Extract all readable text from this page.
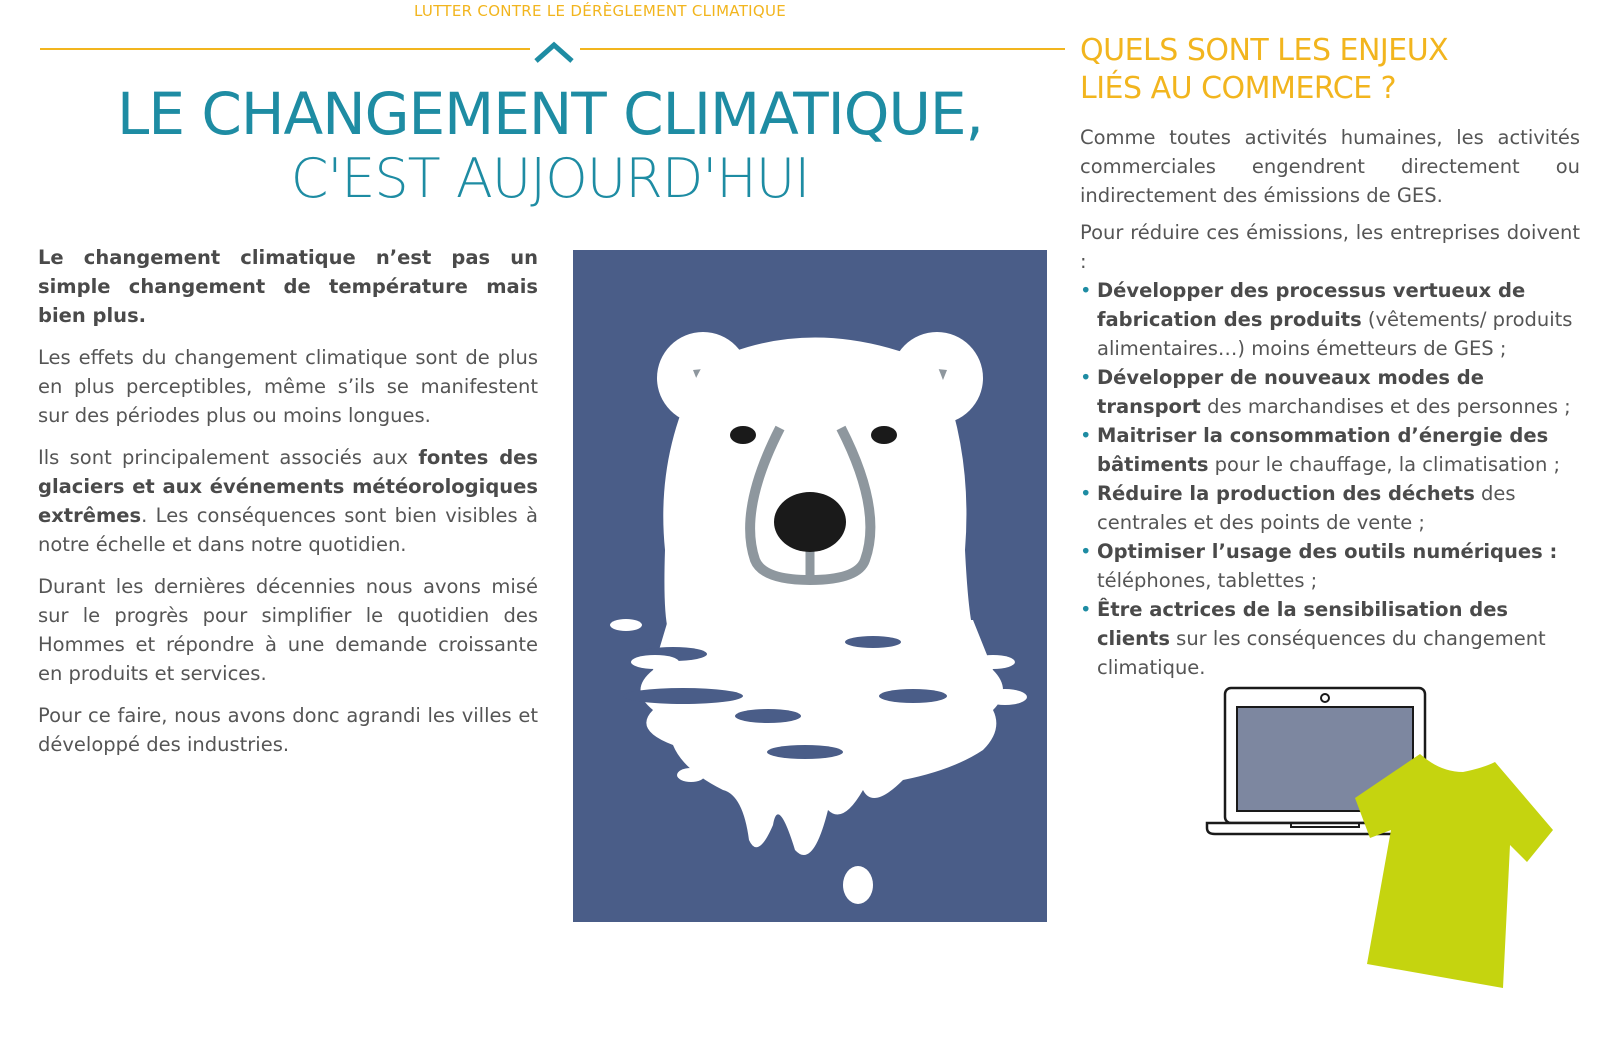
LUTTER CONTRE LE DÉRÈGLEMENT CLIMATIQUE
LE CHANGEMENT CLIMATIQUE,
C'EST AUJOURD'HUI

Le changement climatique n’est pas un simple changement de température mais bien plus.

Les effets du changement climatique sont de plus en plus perceptibles, même s’ils se manifestent sur des périodes plus ou moins longues.

Ils sont principalement associés aux fontes des glaciers et aux événements météorologiques extrêmes. Les conséquences sont bien visibles à notre échelle et dans notre quotidien.

Durant les dernières décennies nous avons misé sur le progrès pour simplifier le quotidien des Hommes et répondre à une demande croissante en produits et services.

Pour ce faire, nous avons donc agrandi les villes et développé des industries.

QUELS SONT LES ENJEUX
LIÉS AU COMMERCE ?

Comme toutes activités humaines, les activités commerciales engendrent directement ou indirectement des émissions de GES.

Pour réduire ces émissions, les entreprises doivent :

• Développer des processus vertueux de fabrication des produits (vêtements/ produits alimentaires…) moins émetteurs de GES ;
• Développer de nouveaux modes de transport des marchandises et des personnes ;
• Maitriser la consommation d’énergie des bâtiments pour le chauffage, la climatisation ;
• Réduire la production des déchets des centrales et des points de vente ;
• Optimiser l’usage des outils numériques : téléphones, tablettes ;
• Être actrices de la sensibilisation des clients sur les conséquences du changement climatique.
